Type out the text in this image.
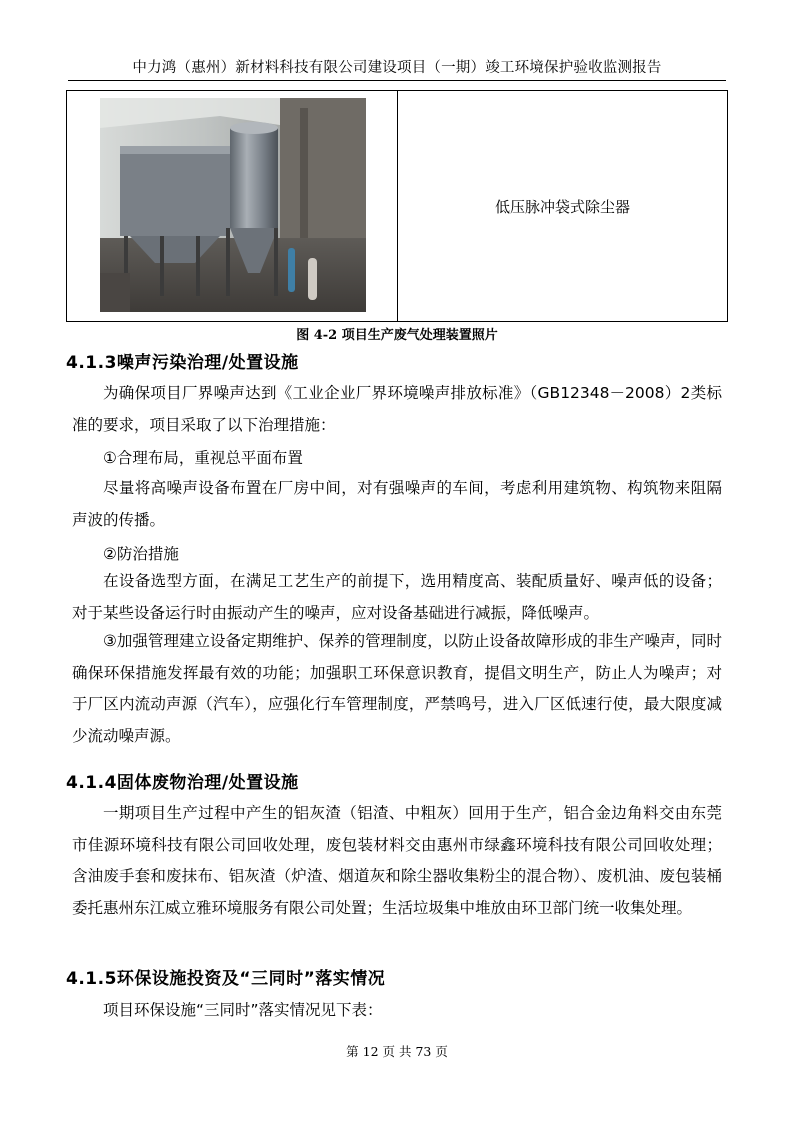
中力鸿（惠州）新材料科技有限公司建设项目（一期）竣工环境保护验收监测报告
低压脉冲袋式除尘器
图 4-2 项目生产废气处理装置照片
4.1.3噪声污染治理/处置设施
为确保项目厂界噪声达到《工业企业厂界环境噪声排放标准》（GB12348－2008）2类标准的要求，项目采取了以下治理措施：
①合理布局，重视总平面布置
尽量将高噪声设备布置在厂房中间，对有强噪声的车间，考虑利用建筑物、构筑物来阻隔声波的传播。
②防治措施
在设备选型方面，在满足工艺生产的前提下，选用精度高、装配质量好、噪声低的设备；对于某些设备运行时由振动产生的噪声，应对设备基础进行减振，降低噪声。
③加强管理建立设备定期维护、保养的管理制度，以防止设备故障形成的非生产噪声，同时确保环保措施发挥最有效的功能；加强职工环保意识教育，提倡文明生产，防止人为噪声；对于厂区内流动声源（汽车），应强化行车管理制度，严禁鸣号，进入厂区低速行使，最大限度减少流动噪声源。
4.1.4固体废物治理/处置设施
一期项目生产过程中产生的铝灰渣（铝渣、中粗灰）回用于生产，铝合金边角料交由东莞市佳源环境科技有限公司回收处理，废包装材料交由惠州市绿鑫环境科技有限公司回收处理；含油废手套和废抹布、铝灰渣（炉渣、烟道灰和除尘器收集粉尘的混合物）、废机油、废包装桶委托惠州东江威立雅环境服务有限公司处置；生活垃圾集中堆放由环卫部门统一收集处理。
4.1.5环保设施投资及“三同时”落实情况
项目环保设施“三同时”落实情况见下表：
第 12 页 共 73 页
